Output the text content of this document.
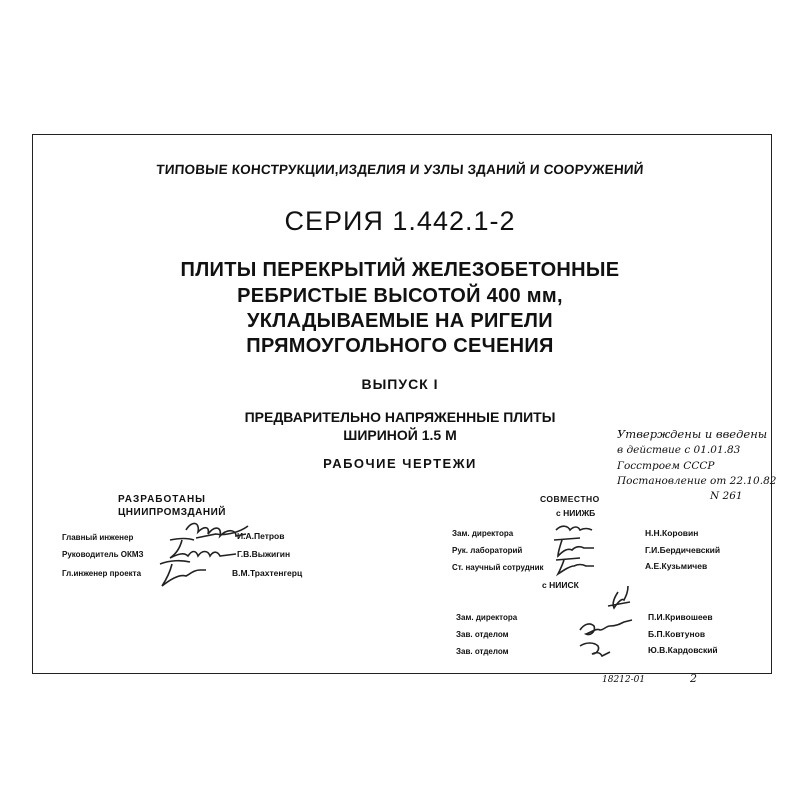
ТИПОВЫЕ КОНСТРУКЦИИ,ИЗДЕЛИЯ И УЗЛЫ ЗДАНИЙ И СООРУЖЕНИЙ
СЕРИЯ 1.442.1-2
ПЛИТЫ ПЕРЕКРЫТИЙ ЖЕЛЕЗОБЕТОННЫЕ
РЕБРИСТЫЕ ВЫСОТОЙ 400 мм,
УКЛАДЫВАЕМЫЕ НА РИГЕЛИ
ПРЯМОУГОЛЬНОГО СЕЧЕНИЯ
ВЫПУСК I
ПРЕДВАРИТЕЛЬНО НАПРЯЖЕННЫЕ ПЛИТЫ
ШИРИНОЙ 1.5 М
РАБОЧИЕ ЧЕРТЕЖИ
Утверждены и введены
в действие с 01.01.83
Госстроем СССР
Постановление от 22.10.82
N 261
РАЗРАБОТАНЫ
ЦНИИПРОМЗДАНИЙ
Главный инженер	И.А.Петров
Руководитель ОКМЗ	Г.В.Выжигин
Гл.инженер проекта	В.М.Трахтенгерц
СОВМЕСТНО
с НИИЖБ
Зам. директора	Н.Н.Коровин
Рук. лабораторий	Г.И.Бердичевский
Ст. научный сотрудник	А.Е.Кузьмичев
с НИИСК
Зам. директора	П.И.Кривошеев
Зав. отделом	Б.П.Ковтунов
Зав. отделом	Ю.В.Кардовский
18212-01	2
